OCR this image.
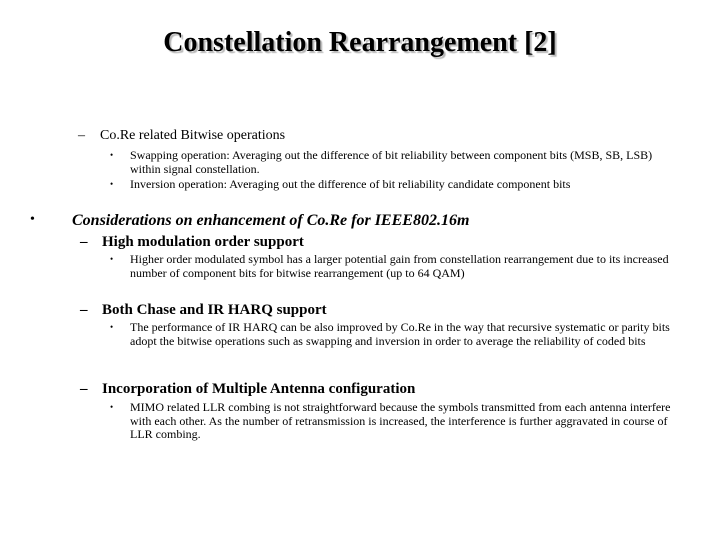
Constellation Rearrangement [2]
– Co.Re related Bitwise operations
• Swapping operation: Averaging out the difference of bit reliability between component bits (MSB, SB, LSB) within signal constellation.
• Inversion operation: Averaging out the difference of bit reliability candidate component bits
• Considerations on enhancement of Co.Re for IEEE802.16m
– High modulation order support
• Higher order modulated symbol has a larger potential gain from constellation rearrangement due to its increased number of component bits for bitwise rearrangement (up to 64 QAM)
– Both Chase and IR HARQ support
• The performance of IR HARQ can be also improved by Co.Re in the way that recursive systematic or parity bits adopt the bitwise operations such as swapping and inversion in order to average the reliability of coded bits
– Incorporation of Multiple Antenna configuration
• MIMO related LLR combing is not straightforward because the symbols transmitted from each antenna interfere with each other. As the number of retransmission is increased, the interference is further aggravated in course of LLR combing.
